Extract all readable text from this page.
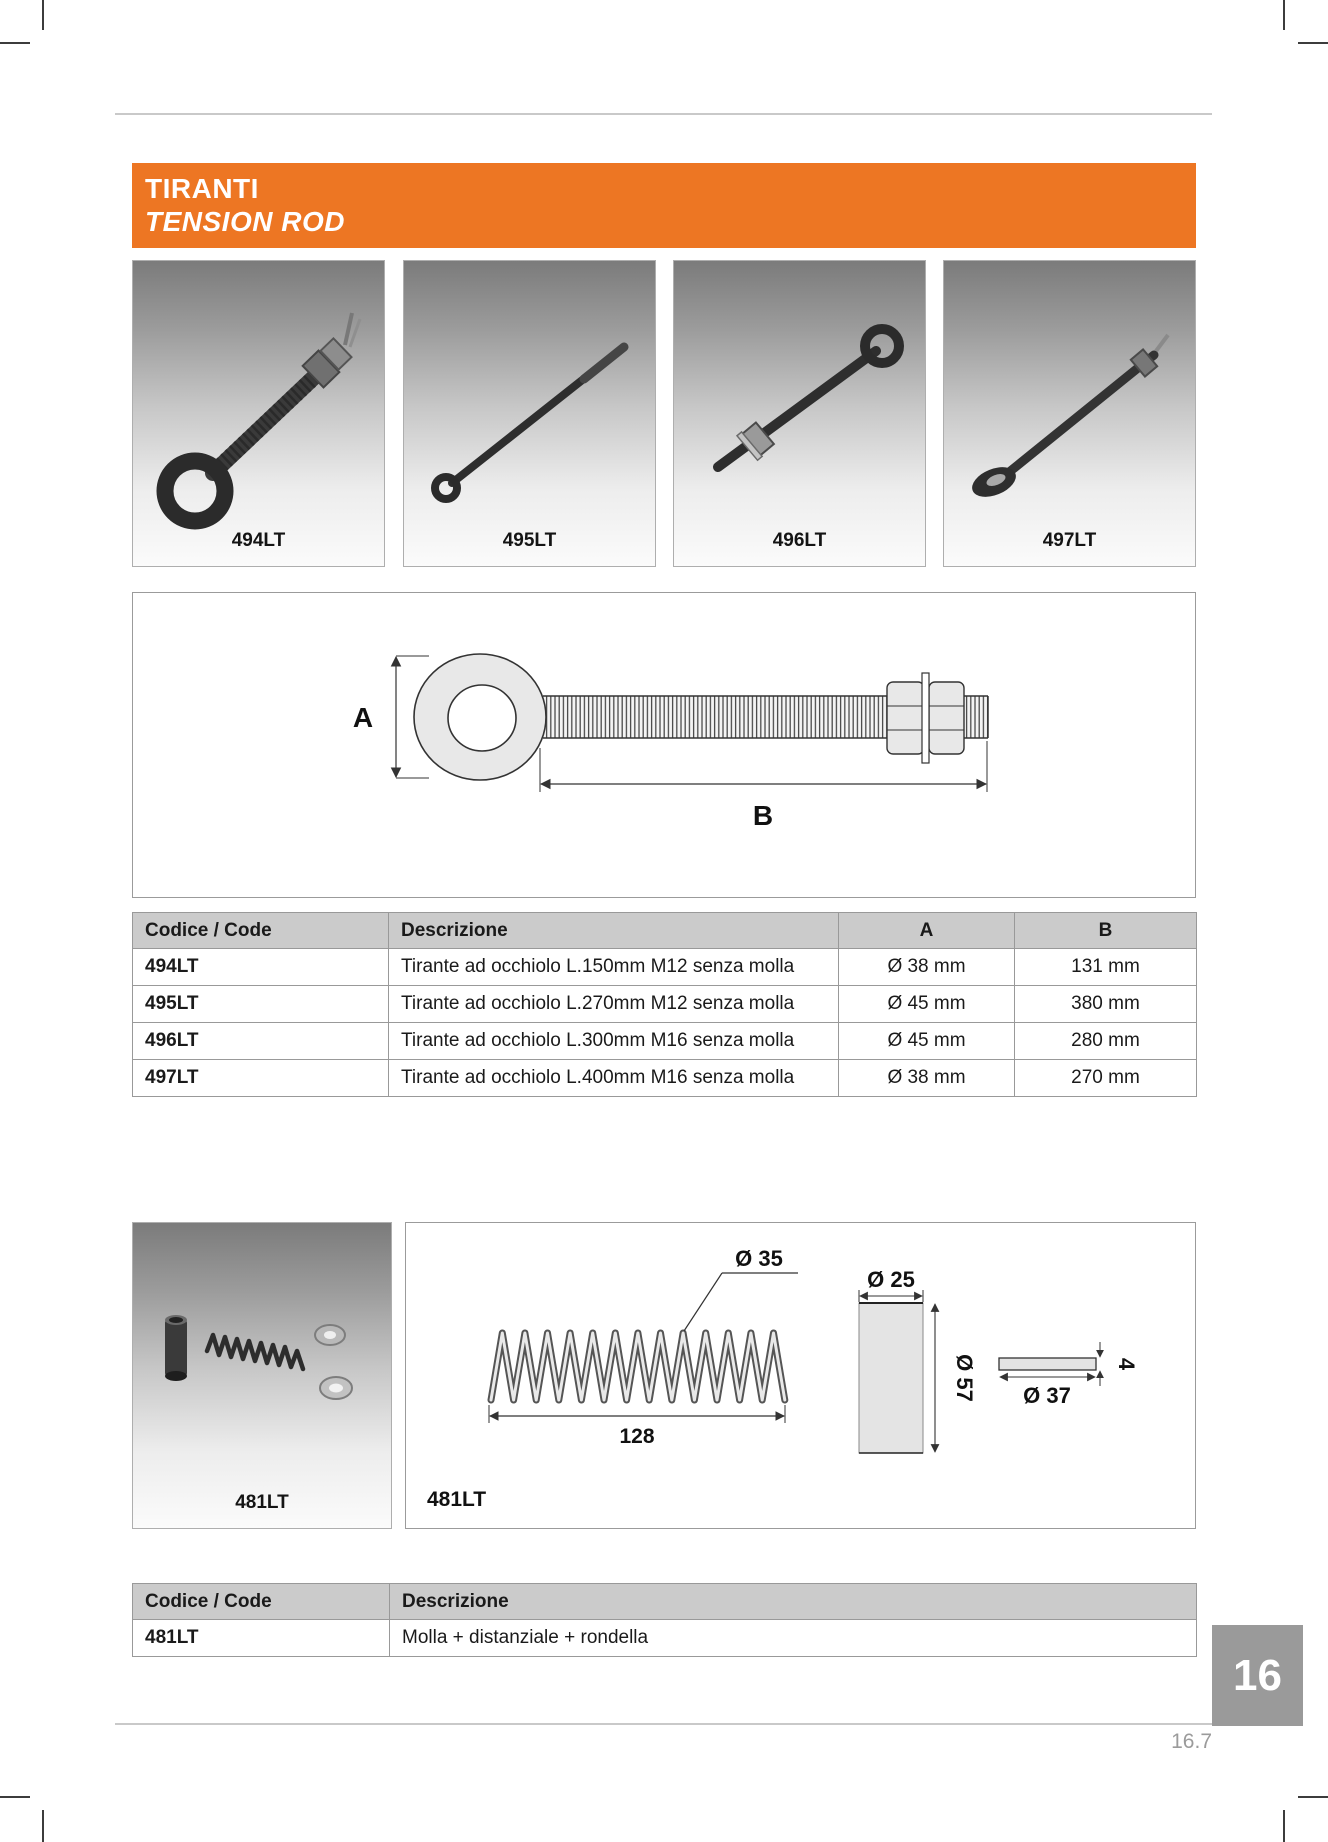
TIRANTI
TENSION ROD
494LT	495LT	496LT	497LT
A
B
Codice / Code	Descrizione	A	B
494LT	Tirante ad occhiolo L.150mm M12 senza molla	Ø 38 mm	131 mm
495LT	Tirante ad occhiolo L.270mm M12 senza molla	Ø 45 mm	380 mm
496LT	Tirante ad occhiolo L.300mm M16 senza molla	Ø 45 mm	280 mm
497LT	Tirante ad occhiolo L.400mm M16 senza molla	Ø 38 mm	270 mm
481LT
Ø 35
128
Ø 25
Ø 57	4
Ø 37
481LT
Codice / Code	Descrizione
481LT	Molla + distanziale + rondella
16
16.7
